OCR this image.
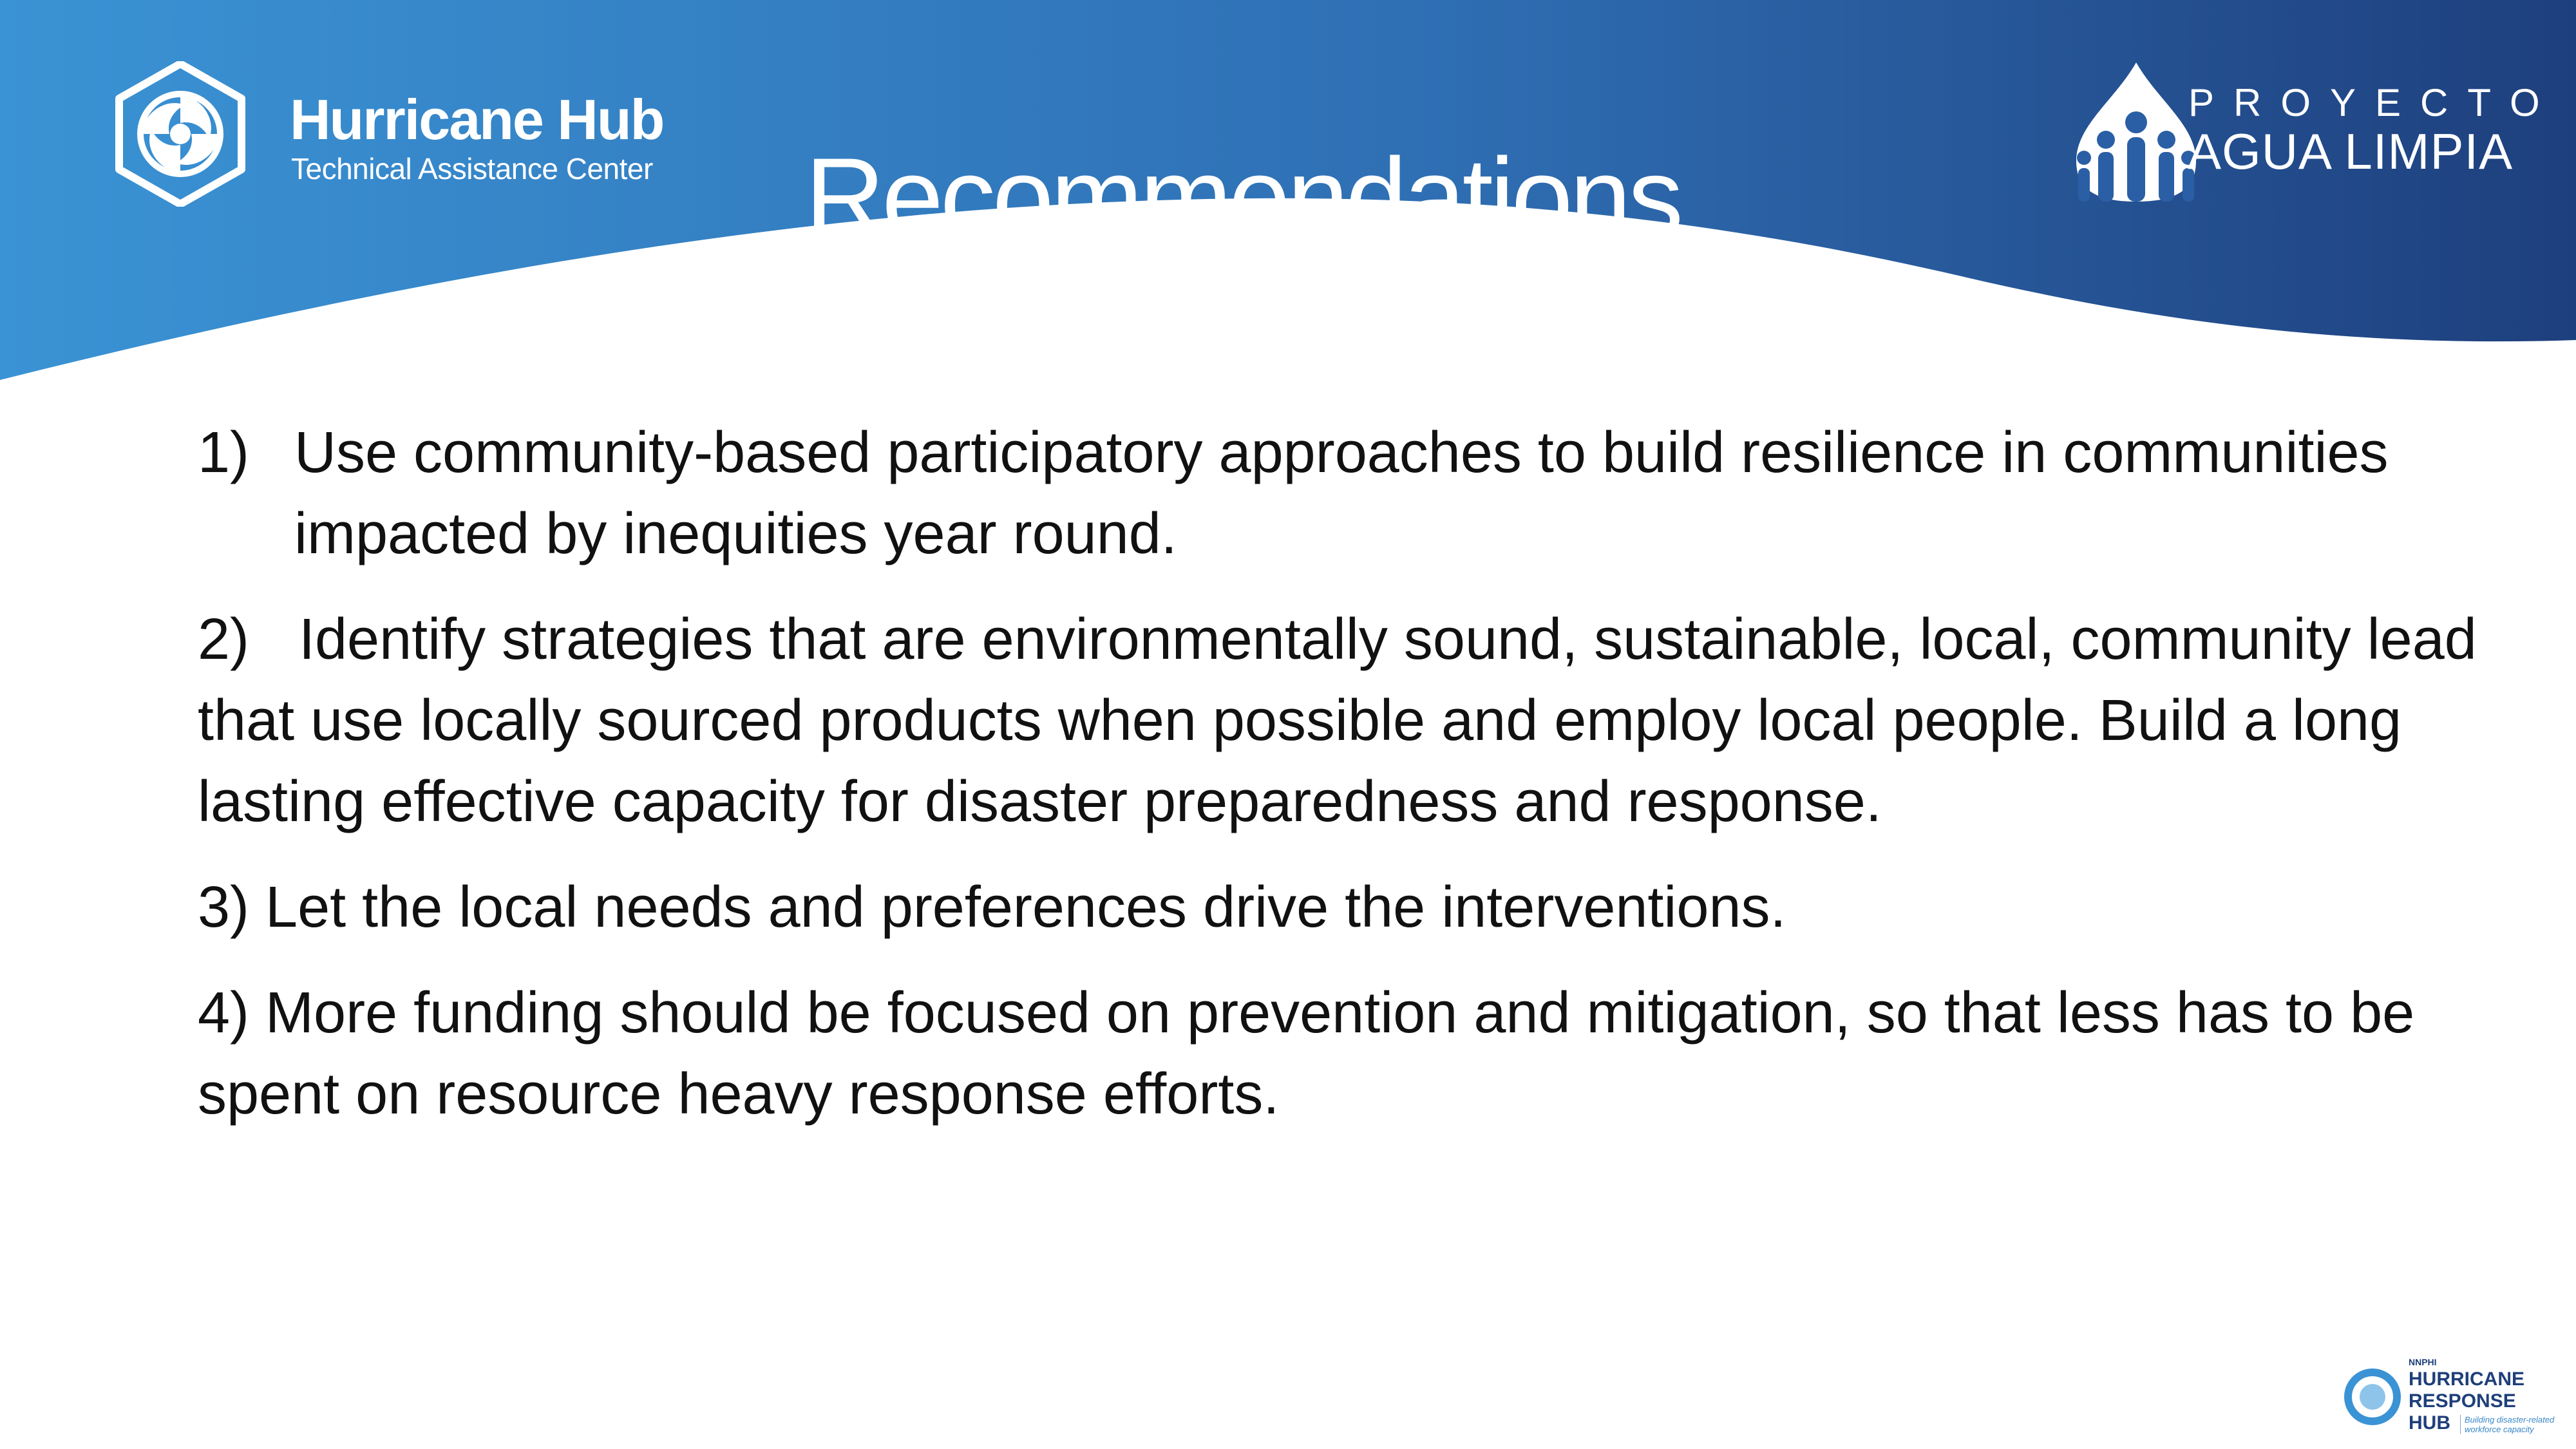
Hurricane Hub
Technical Assistance Center Recommendations
PROYECTO
AGUA LIMPIA
1) Use community-based participatory approaches to build resilience in communities impacted by inequities year round.
2) Identify strategies that are environmentally sound, sustainable, local, community lead that use locally sourced products when possible and employ local people. Build a long lasting effective capacity for disaster preparedness and response.
3) Let the local needs and preferences drive the interventions.
4) More funding should be focused on prevention and mitigation, so that less has to be spent on resource heavy response efforts.
NNPHI
HURRICANE
RESPONSE
HUB	Building disaster-related workforce capacity
